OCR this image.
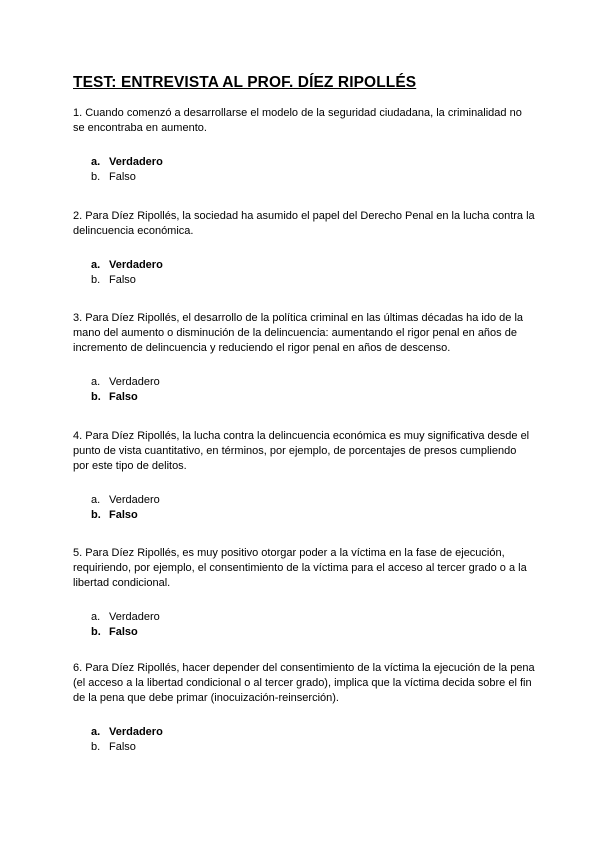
TEST: ENTREVISTA AL PROF. DÍEZ RIPOLLÉS

1. Cuando comenzó a desarrollarse el modelo de la seguridad ciudadana, la criminalidad no se encontraba en aumento.

a. Verdadero
b. Falso

2. Para Díez Ripollés, la sociedad ha asumido el papel del Derecho Penal en la lucha contra la delincuencia económica.

a. Verdadero
b. Falso

3. Para Díez Ripollés, el desarrollo de la política criminal en las últimas décadas ha ido de la mano del aumento o disminución de la delincuencia: aumentando el rigor penal en años de incremento de delincuencia y reduciendo el rigor penal en años de descenso.

a. Verdadero
b. Falso

4. Para Díez Ripollés, la lucha contra la delincuencia económica es muy significativa desde el punto de vista cuantitativo, en términos, por ejemplo, de porcentajes de presos cumpliendo por este tipo de delitos.

a. Verdadero
b. Falso

5. Para Díez Ripollés, es muy positivo otorgar poder a la víctima en la fase de ejecución, requiriendo, por ejemplo, el consentimiento de la víctima para el acceso al tercer grado o a la libertad condicional.

a. Verdadero
b. Falso

6. Para Díez Ripollés, hacer depender del consentimiento de la víctima la ejecución de la pena (el acceso a la libertad condicional o al tercer grado), implica que la víctima decida sobre el fin de la pena que debe primar (inocuización-reinserción).

a. Verdadero
b. Falso
